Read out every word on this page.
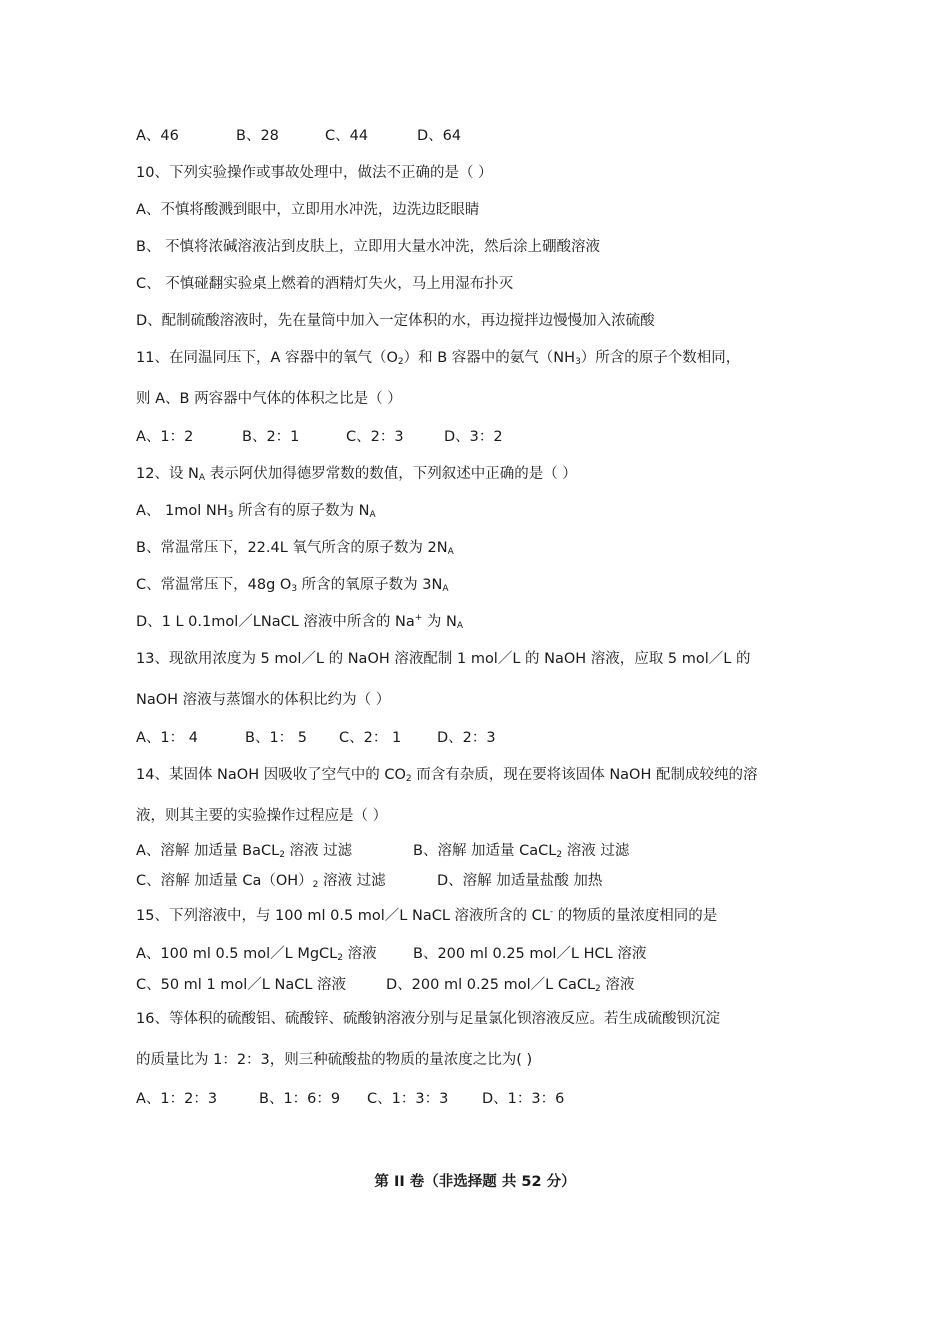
A、46	B、28	C、44	D、64
10、下列实验操作或事故处理中，做法不正确的是（ ）
A、不慎将酸溅到眼中，立即用水冲洗，边洗边眨眼睛
B、 不慎将浓碱溶液沾到皮肤上，立即用大量水冲洗，然后涂上硼酸溶液
C、 不慎碰翻实验桌上燃着的酒精灯失火，马上用湿布扑灭
D、配制硫酸溶液时，先在量筒中加入一定体积的水，再边搅拌边慢慢加入浓硫酸
11、在同温同压下，A 容器中的氧气$(O_2)$和 B 容器中的氨气$(NH_3)$所含的原子个数相同，
则 A、B 两容器中气体的体积之比是（ ）
A、1：2	B、2：1	C、2：3	D、3：2
12、设 $N_A$ 表示阿伏加得德罗常数的数值，下列叙述中正确的是（ ）
A、 1mol $NH_3$ 所含有的原子数为 $N_A$
B、常温常压下，22.4L 氧气所含的原子数为 $2N_A$
C、常温常压下，48g $O_3$ 所含的氧原子数为 $3N_A$
D、1 L 0.1mol／LNaCL 溶液中所含的 Na+ 为 $N_A$
13、现欲用浓度为 5 mol／L 的 NaOH 溶液配制 1 mol／L 的 NaOH 溶液，应取 5 mol／L 的
NaOH 溶液与蒸馏水的体积比约为（ ）
A、1： 4	B、1： 5 C、2： 1 D、2：3
14、某固体 NaOH 因吸收了空气中的 $CO_2$ 而含有杂质，现在要将该固体 NaOH 配制成较纯的溶
液，则其主要的实验操作过程应是（ ）
A、溶解 加适量 BaCL$_2$ 溶液 过滤	B、溶解 加适量 CaCL$_2$ 溶液 过滤
C、溶解 加适量 $Ca(OH)_2$ 溶液 过滤	D、溶解 加适量盐酸 加热
15、下列溶液中，与 100 ml 0.5 mol／L NaCL 溶液所含的 CL- 的物质的量浓度相同的是
A、100 ml 0.5 mol／L MgCL$_2$ 溶液	B、200 ml 0.25 mol／L HCL 溶液
C、50 ml 1 mol／L NaCL 溶液	D、200 ml 0.25 mol／L CaCL$_2$ 溶液
16、等体积的硫酸铝、硫酸锌、硫酸钠溶液分别与足量氯化钡溶液反应。若生成硫酸钡沉淀
的质量比为 1：2：3，则三种硫酸盐的物质的量浓度之比为( )
A、1：2：3	B、1：6：9 C、1：3：3 D、1：3：6
第 II 卷（非选择题 共 52 分）
